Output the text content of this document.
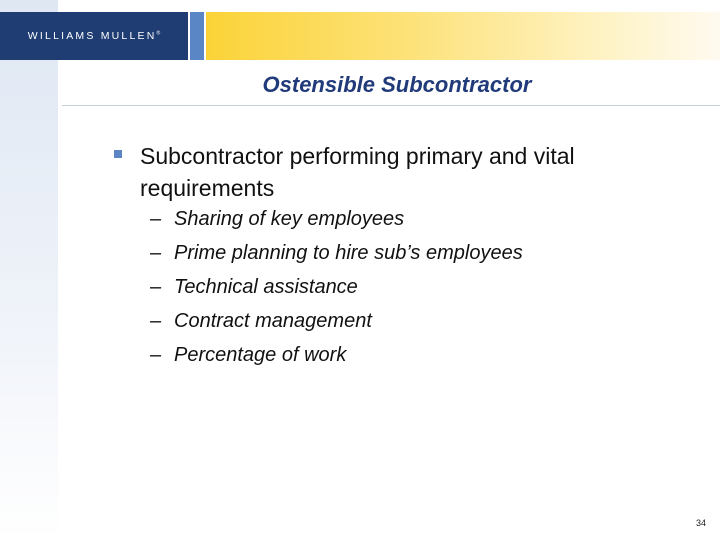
WILLIAMS MULLEN®
Ostensible Subcontractor
Subcontractor performing primary and vital requirements
– Sharing of key employees
– Prime planning to hire sub’s employees
– Technical assistance
– Contract management
– Percentage of work
34
